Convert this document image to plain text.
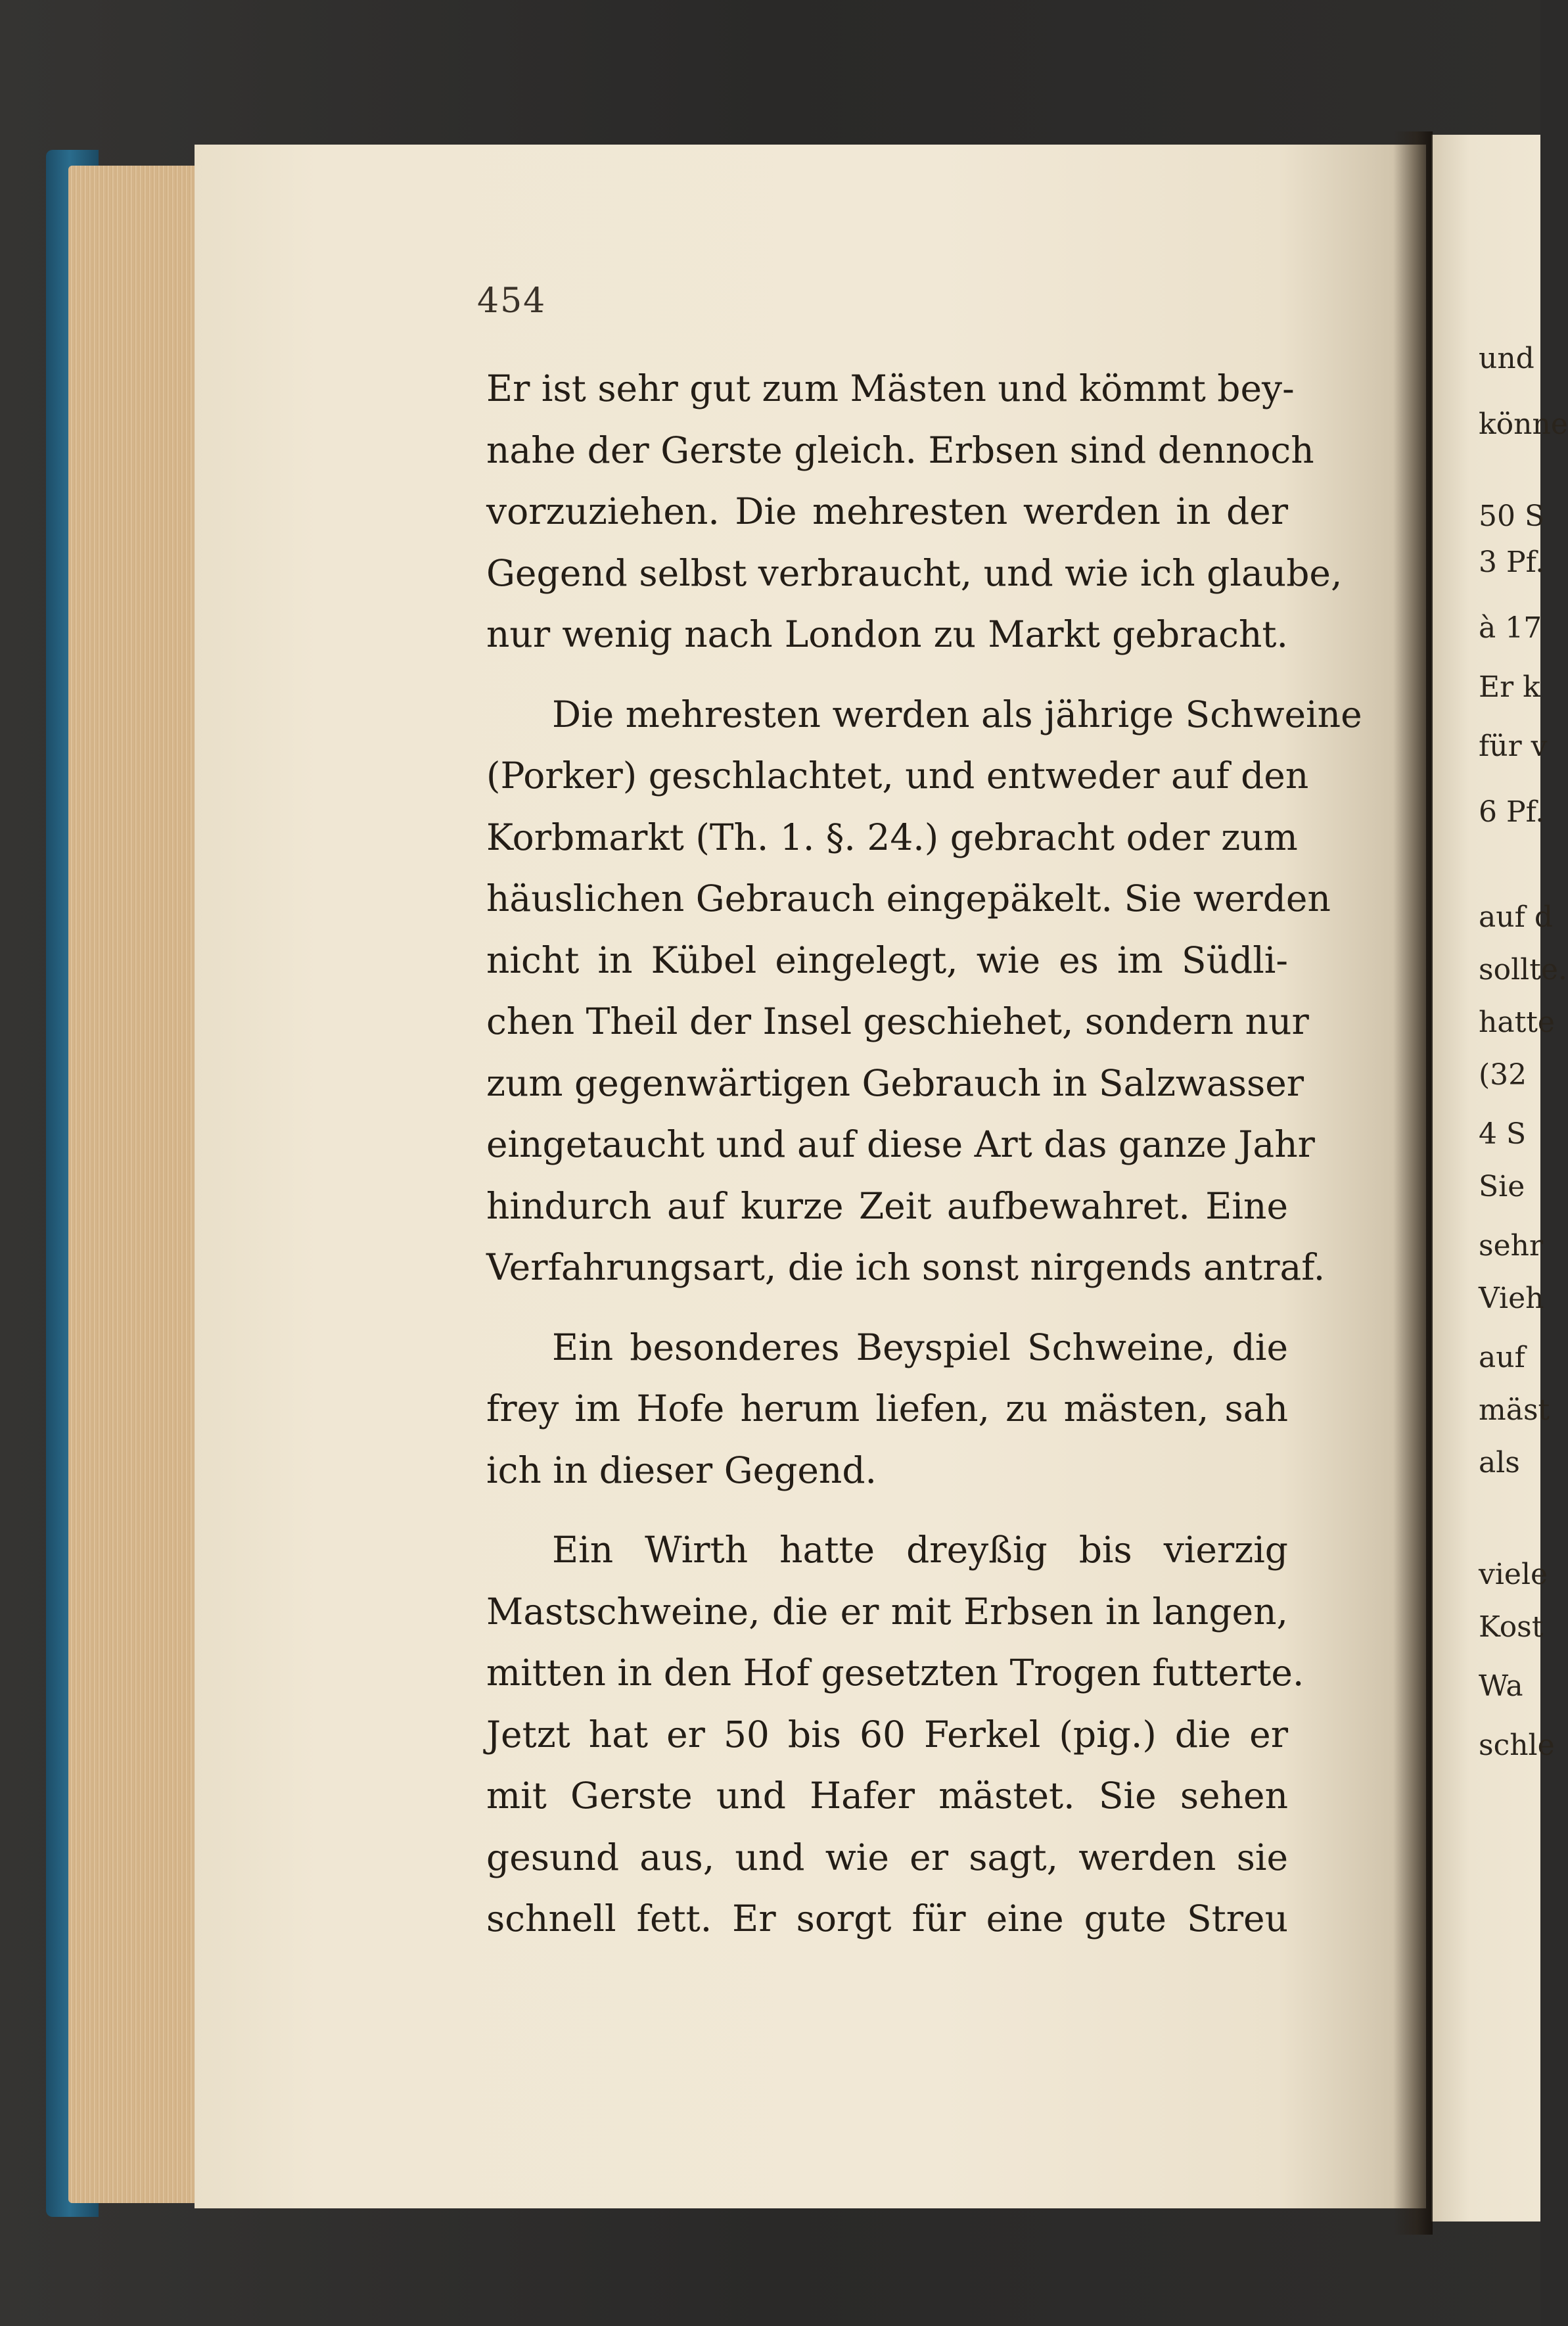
und
könne
50 S
3 Pf.
à 17
Er k
für v
6 Pf.
auf d
sollte.
hatte
(32
4 S
Sie
sehr
Vieh
auf
mäst
als
viele
Kost
Wa
schle
454
Er ist sehr gut zum Mästen und kömmt bey-
nahe der Gerste gleich. Erbsen sind dennoch
vorzuziehen. Die mehresten werden in der
Gegend selbst verbraucht, und wie ich glaube,
nur wenig nach London zu Markt gebracht.
Die mehresten werden als jährige Schweine
(Porker) geschlachtet, und entweder auf den
Korbmarkt (Th. 1. §. 24.) gebracht oder zum
häuslichen Gebrauch eingepäkelt. Sie werden
nicht in Kübel eingelegt, wie es im Südli-
chen Theil der Insel geschiehet, sondern nur
zum gegenwärtigen Gebrauch in Salzwasser
eingetaucht und auf diese Art das ganze Jahr
hindurch auf kurze Zeit aufbewahret. Eine
Verfahrungsart, die ich sonst nirgends antraf.
Ein besonderes Beyspiel Schweine, die
frey im Hofe herum liefen, zu mästen, sah
ich in dieser Gegend.
Ein Wirth hatte dreyßig bis vierzig
Mastschweine, die er mit Erbsen in langen,
mitten in den Hof gesetzten Trogen futterte.
Jetzt hat er 50 bis 60 Ferkel (pig.) die er
mit Gerste und Hafer mästet. Sie sehen
gesund aus, und wie er sagt, werden sie
schnell fett. Er sorgt für eine gute Streu
